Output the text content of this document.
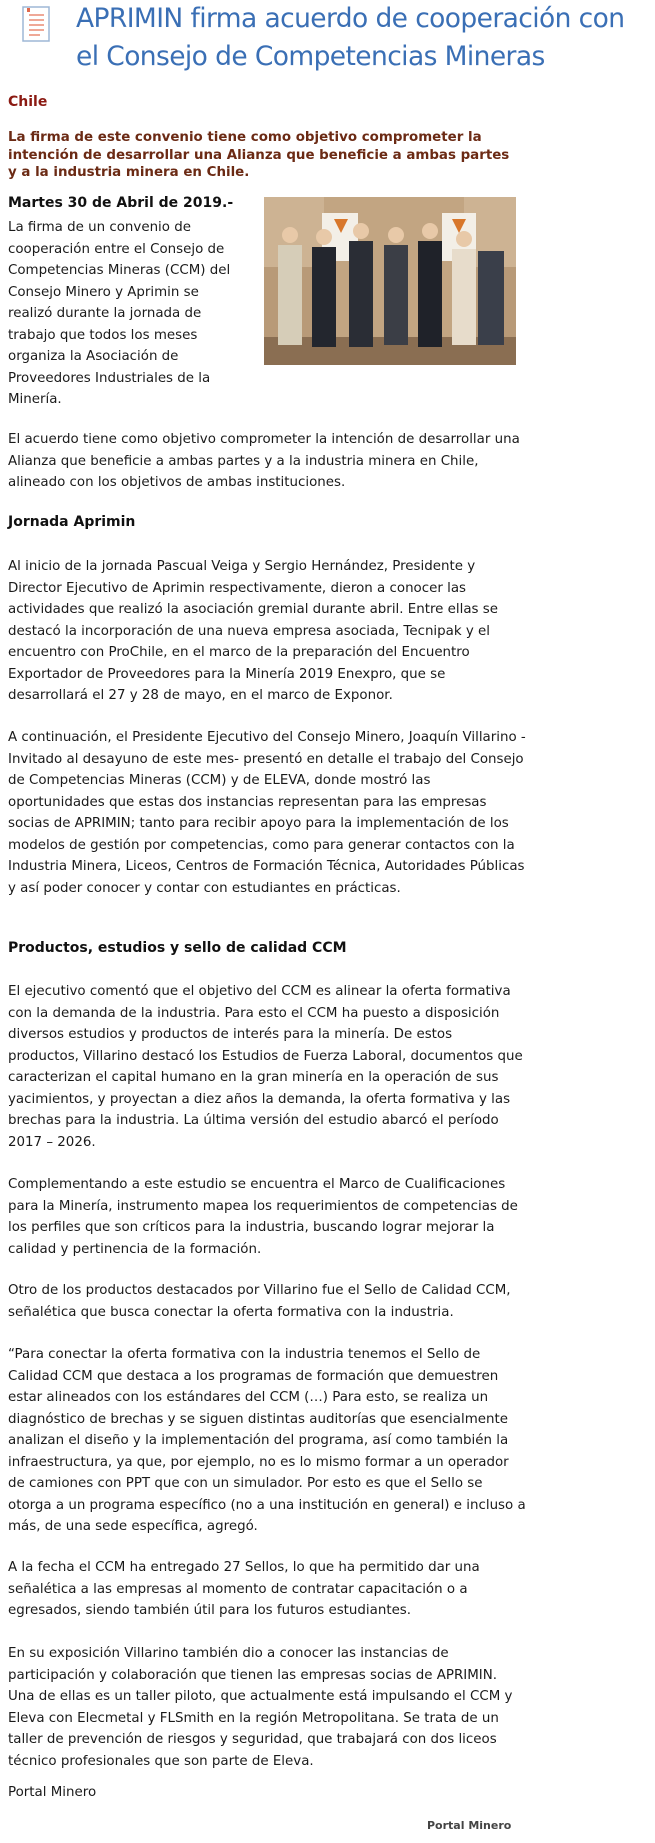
APRIMIN firma acuerdo de cooperación con el Consejo de Competencias Mineras

Chile

La firma de este convenio tiene como objetivo comprometer la intención de desarrollar una Alianza que beneficie a ambas partes y a la industria minera en Chile.

Martes 30 de Abril de 2019.-

La firma de un convenio de cooperación entre el Consejo de Competencias Mineras (CCM) del Consejo Minero y Aprimin se realizó durante la jornada de trabajo que todos los meses organiza la Asociación de Proveedores Industriales de la Minería.

El acuerdo tiene como objetivo comprometer la intención de desarrollar una Alianza que beneficie a ambas partes y a la industria minera en Chile, alineado con los objetivos de ambas instituciones.

Jornada Aprimin

Al inicio de la jornada Pascual Veiga y Sergio Hernández, Presidente y Director Ejecutivo de Aprimin respectivamente, dieron a conocer las actividades que realizó la asociación gremial durante abril. Entre ellas se destacó la incorporación de una nueva empresa asociada, Tecnipak y el encuentro con ProChile, en el marco de la preparación del Encuentro Exportador de Proveedores para la Minería 2019 Enexpro, que se desarrollará el 27 y 28 de mayo, en el marco de Exponor.

A continuación, el Presidente Ejecutivo del Consejo Minero, Joaquín Villarino -Invitado al desayuno de este mes- presentó en detalle el trabajo del Consejo de Competencias Mineras (CCM) y de ELEVA, donde mostró las oportunidades que estas dos instancias representan para las empresas socias de APRIMIN; tanto para recibir apoyo para la implementación de los modelos de gestión por competencias, como para generar contactos con la Industria Minera, Liceos, Centros de Formación Técnica, Autoridades Públicas y así poder conocer y contar con estudiantes en prácticas.

Productos, estudios y sello de calidad CCM

El ejecutivo comentó que el objetivo del CCM es alinear la oferta formativa con la demanda de la industria. Para esto el CCM ha puesto a disposición diversos estudios y productos de interés para la minería. De estos productos, Villarino destacó los Estudios de Fuerza Laboral, documentos que caracterizan el capital humano en la gran minería en la operación de sus yacimientos, y proyectan a diez años la demanda, la oferta formativa y las brechas para la industria. La última versión del estudio abarcó el período 2017 – 2026.

Complementando a este estudio se encuentra el Marco de Cualificaciones para la Minería, instrumento mapea los requerimientos de competencias de los perfiles que son críticos para la industria, buscando lograr mejorar la calidad y pertinencia de la formación.

Otro de los productos destacados por Villarino fue el Sello de Calidad CCM, señalética que busca conectar la oferta formativa con la industria.

“Para conectar la oferta formativa con la industria tenemos el Sello de Calidad CCM que destaca a los programas de formación que demuestren estar alineados con los estándares del CCM (…) Para esto, se realiza un diagnóstico de brechas y se siguen distintas auditorías que esencialmente analizan el diseño y la implementación del programa, así como también la infraestructura, ya que, por ejemplo, no es lo mismo formar a un operador de camiones con PPT que con un simulador. Por esto es que el Sello se otorga a un programa específico (no a una institución en general) e incluso a más, de una sede específica, agregó.

A la fecha el CCM ha entregado 27 Sellos, lo que ha permitido dar una señalética a las empresas al momento de contratar capacitación o a egresados, siendo también útil para los futuros estudiantes.

En su exposición Villarino también dio a conocer las instancias de participación y colaboración que tienen las empresas socias de APRIMIN. Una de ellas es un taller piloto, que actualmente está impulsando el CCM y Eleva con Elecmetal y FLSmith en la región Metropolitana. Se trata de un taller de prevención de riesgos y seguridad, que trabajará con dos liceos técnico profesionales que son parte de Eleva.

Portal Minero

Portal Minero
